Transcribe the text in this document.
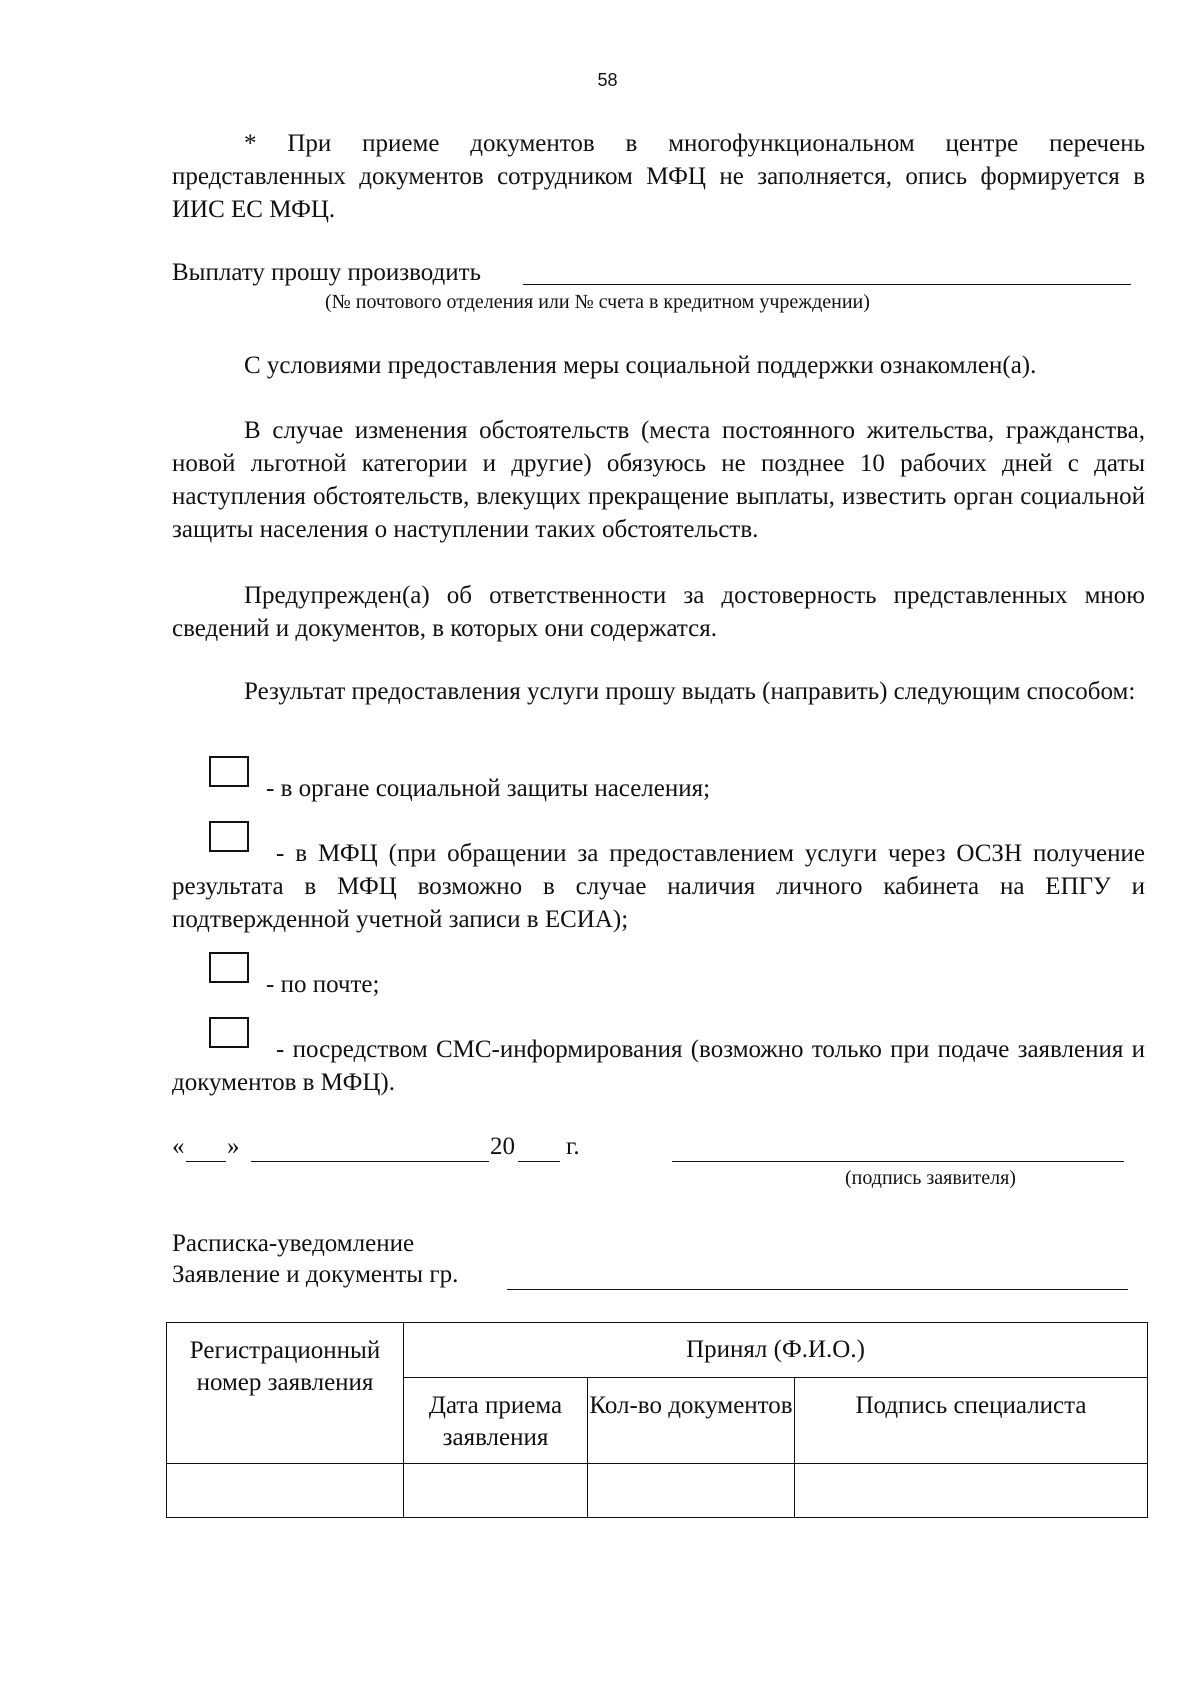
58

* При приеме документов в многофункциональном центре перечень представленных документов сотрудником МФЦ не заполняется, опись формируется в ИИС ЕС МФЦ.

Выплату прошу производить
(№ почтового отделения или № счета в кредитном учреждении)

С условиями предоставления меры социальной поддержки ознакомлен(а).

В случае изменения обстоятельств (места постоянного жительства, гражданства, новой льготной категории и другие) обязуюсь не позднее 10 рабочих дней с даты наступления обстоятельств, влекущих прекращение выплаты, известить орган социальной защиты населения о наступлении таких обстоятельств.

Предупрежден(а) об ответственности за достоверность представленных мною сведений и документов, в которых они содержатся.

Результат предоставления услуги прошу выдать (направить) следующим способом:

- в органе социальной защиты населения;

- в МФЦ (при обращении за предоставлением услуги через ОСЗН получение результата в МФЦ возможно в случае наличия личного кабинета на ЕПГУ и подтвержденной учетной записи в ЕСИА);

- по почте;

- посредством СМС-информирования (возможно только при подаче заявления и документов в МФЦ).

« »	20 г.
(подпись заявителя)
Расписка-уведомление
Заявление и документы гр.
Регистрационный номер заявления	Принял (Ф.И.О.)		
	Дата приема заявления	Кол-во документов	Подпись специалиста
